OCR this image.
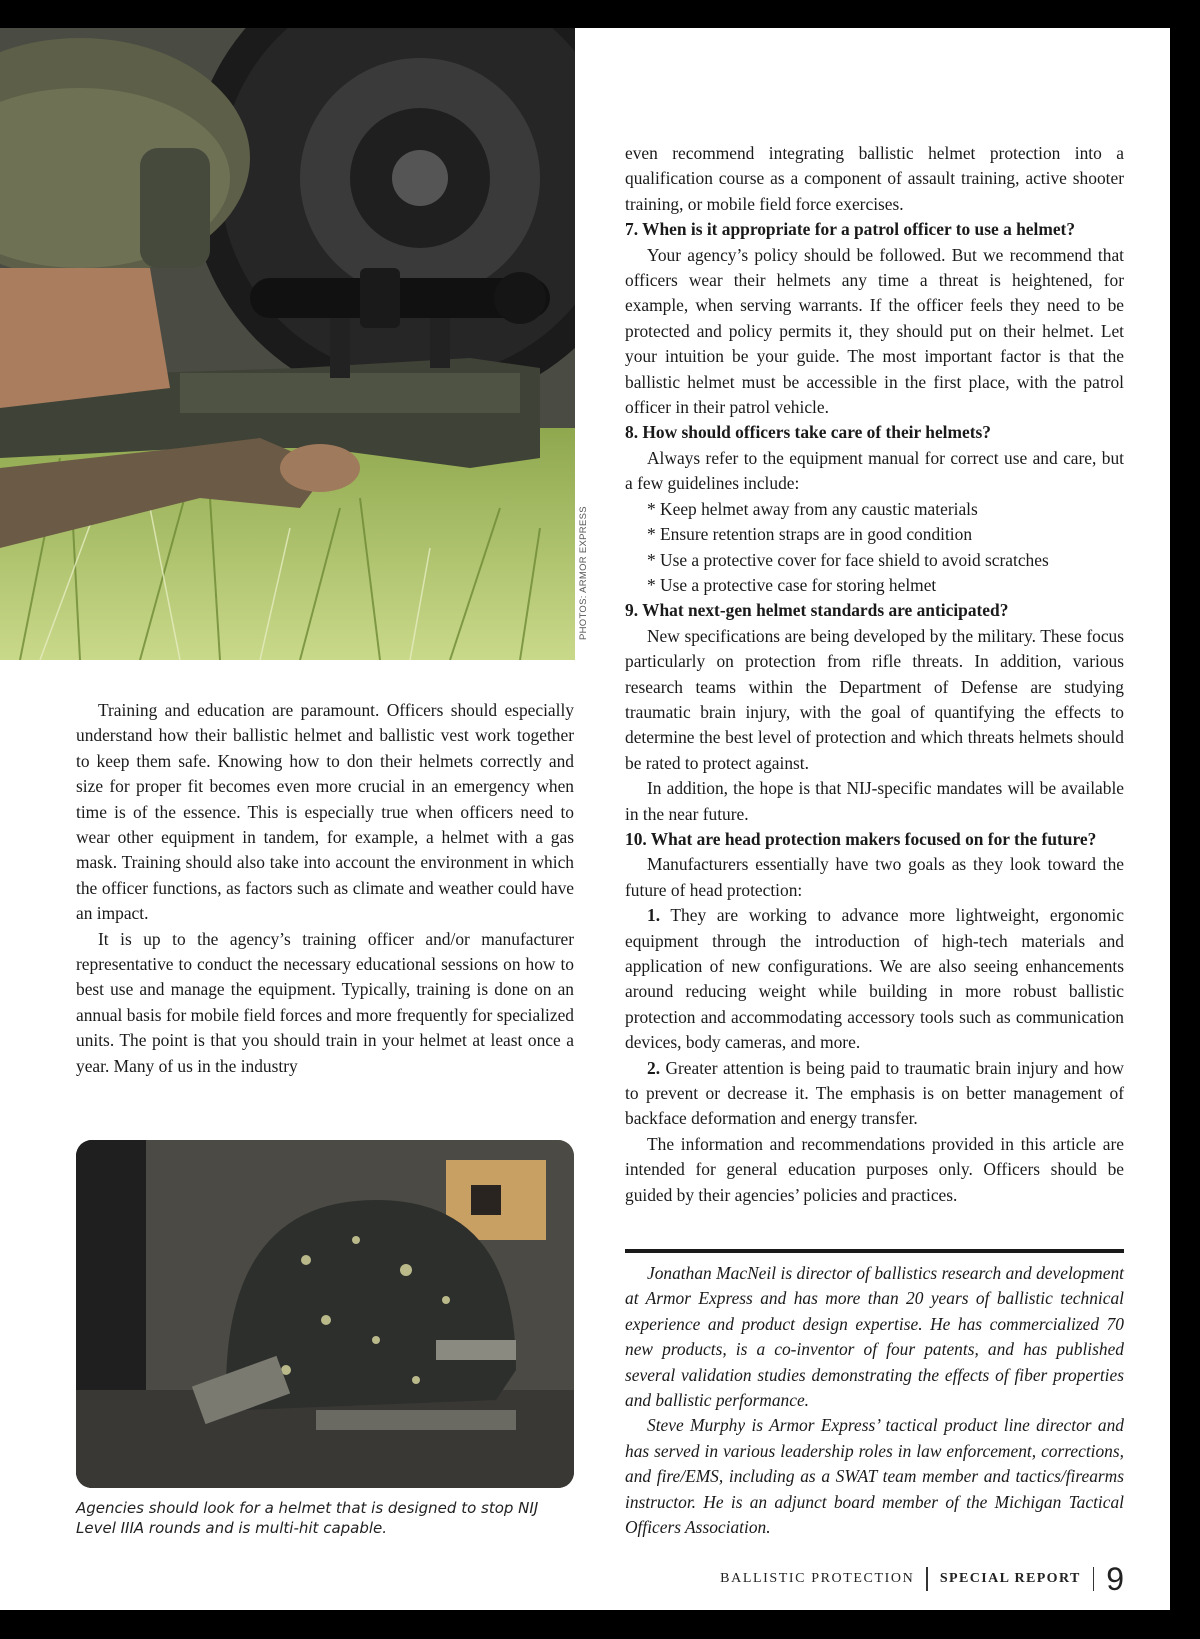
PHOTOS: ARMOR EXPRESS

Training and education are paramount. Officers should especially understand how their ballistic helmet and ballistic vest work together to keep them safe. Knowing how to don their helmets correctly and size for proper fit becomes even more crucial in an emergency when time is of the essence. This is especially true when officers need to wear other equipment in tandem, for example, a helmet with a gas mask. Training should also take into account the environment in which the officer functions, as factors such as climate and weather could have an impact.

It is up to the agency’s training officer and/or manufacturer representative to conduct the necessary educational sessions on how to best use and manage the equipment. Typically, training is done on an annual basis for mobile field forces and more frequently for specialized units. The point is that you should train in your helmet at least once a year. Many of us in the industry

Agencies should look for a helmet that is designed to stop NIJ Level IIIA rounds and is multi-hit capable.

even recommend integrating ballistic helmet protection into a qualification course as a component of assault training, active shooter training, or mobile field force exercises.

7. When is it appropriate for a patrol officer to use a helmet?

Your agency’s policy should be followed. But we recommend that officers wear their helmets any time a threat is heightened, for example, when serving warrants. If the officer feels they need to be protected and policy permits it, they should put on their helmet. Let your intuition be your guide. The most important factor is that the ballistic helmet must be accessible in the first place, with the patrol officer in their patrol vehicle.

8. How should officers take care of their helmets?

Always refer to the equipment manual for correct use and care, but a few guidelines include:

* Keep helmet away from any caustic materials
* Ensure retention straps are in good condition
* Use a protective cover for face shield to avoid scratches
* Use a protective case for storing helmet
9. What next-gen helmet standards are anticipated?

New specifications are being developed by the military. These focus particularly on protection from rifle threats. In addition, various research teams within the Department of Defense are studying traumatic brain injury, with the goal of quantifying the effects to determine the best level of protection and which threats helmets should be rated to protect against.

In addition, the hope is that NIJ-specific mandates will be available in the near future.

10. What are head protection makers focused on for the future?

Manufacturers essentially have two goals as they look toward the future of head protection:

1. They are working to advance more lightweight, ergonomic equipment through the introduction of high-tech materials and application of new configurations. We are also seeing enhancements around reducing weight while building in more robust ballistic protection and accommodating accessory tools such as communication devices, body cameras, and more.

2. Greater attention is being paid to traumatic brain injury and how to prevent or decrease it. The emphasis is on better management of backface deformation and energy transfer.

The information and recommendations provided in this article are intended for general education purposes only. Officers should be guided by their agencies’ policies and practices.

Jonathan MacNeil is director of ballistics research and development at Armor Express and has more than 20 years of ballistic technical experience and product design expertise. He has commercialized 70 new products, is a co-inventor of four patents, and has published several validation studies demonstrating the effects of fiber properties and ballistic performance.

Steve Murphy is Armor Express’ tactical product line director and has served in various leadership roles in law enforcement, corrections, and fire/EMS, including as a SWAT team member and tactics/firearms instructor. He is an adjunct board member of the Michigan Tactical Officers Association.

BALLISTIC PROTECTION SPECIAL REPORT 9
